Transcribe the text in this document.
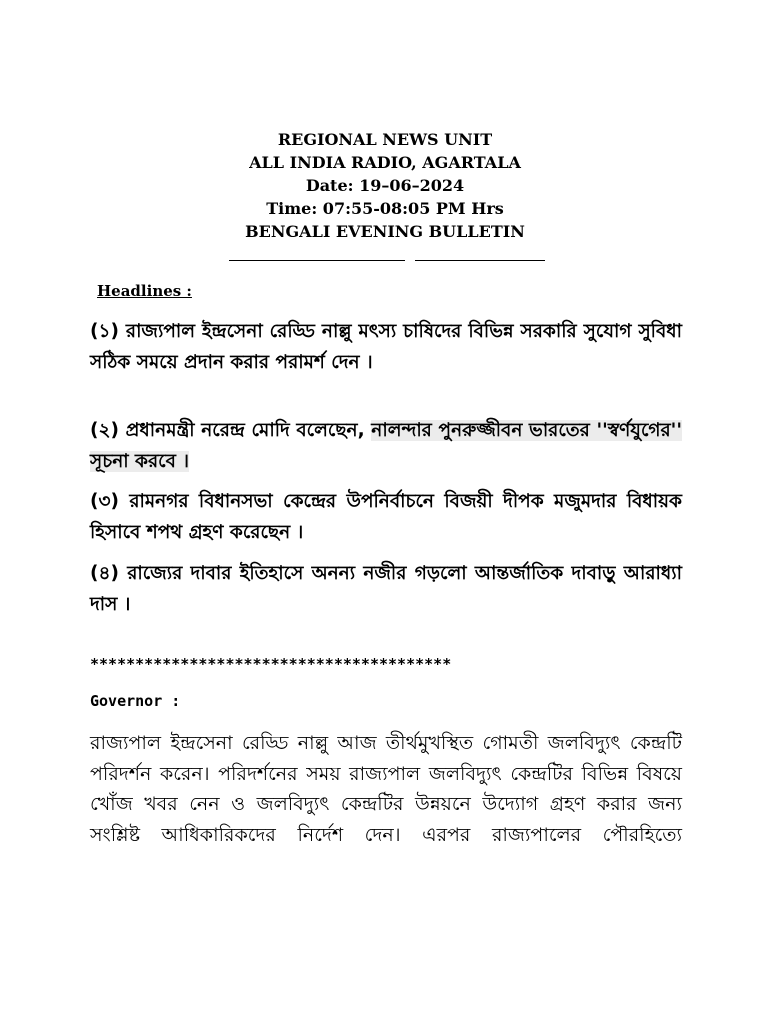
REGIONAL NEWS UNIT
ALL INDIA RADIO, AGARTALA
Date: 19–06–2024
Time: 07:55-08:05 PM Hrs
BENGALI EVENING BULLETIN
Headlines :
(১) রাজ্যপাল ইন্দ্রসেনা রেড্ডি নাল্লু মৎস্য চাষিদের বিভিন্ন সরকারি সুযোগ সুবিধা সঠিক সময়ে প্রদান করার পরামর্শ দেন ।
(২) প্রধানমন্ত্রী নরেন্দ্র মোদি বলেছেন, নালন্দার পুনরুজ্জীবন ভারতের ''স্বর্ণযুগের'' সূচনা করবে ।
(৩) রামনগর বিধানসভা কেন্দ্রের উপনির্বাচনে বিজয়ী দীপক মজুমদার বিধায়ক হিসাবে শপথ গ্রহণ করেছেন ।
(৪) রাজ্যের দাবার ইতিহাসে অনন্য নজীর গড়লো আন্তর্জাতিক দাবাড়ু আরাধ্যা দাস ।
****************************************
Governor :
রাজ্যপাল ইন্দ্রসেনা রেড্ডি নাল্লু আজ তীর্থমুখস্থিত গোমতী জলবিদ্যুৎ কেন্দ্রটি পরিদর্শন করেন। পরিদর্শনের সময় রাজ্যপাল জলবিদ্যুৎ কেন্দ্রটির বিভিন্ন বিষয়ে খোঁজ খবর নেন ও জলবিদ্যুৎ কেন্দ্রটির উন্নয়নে উদ্যোগ গ্রহণ করার জন্য সংশ্লিষ্ট আধিকারিকদের নির্দেশ দেন। এরপর রাজ্যপালের পৌরহিত্যে
